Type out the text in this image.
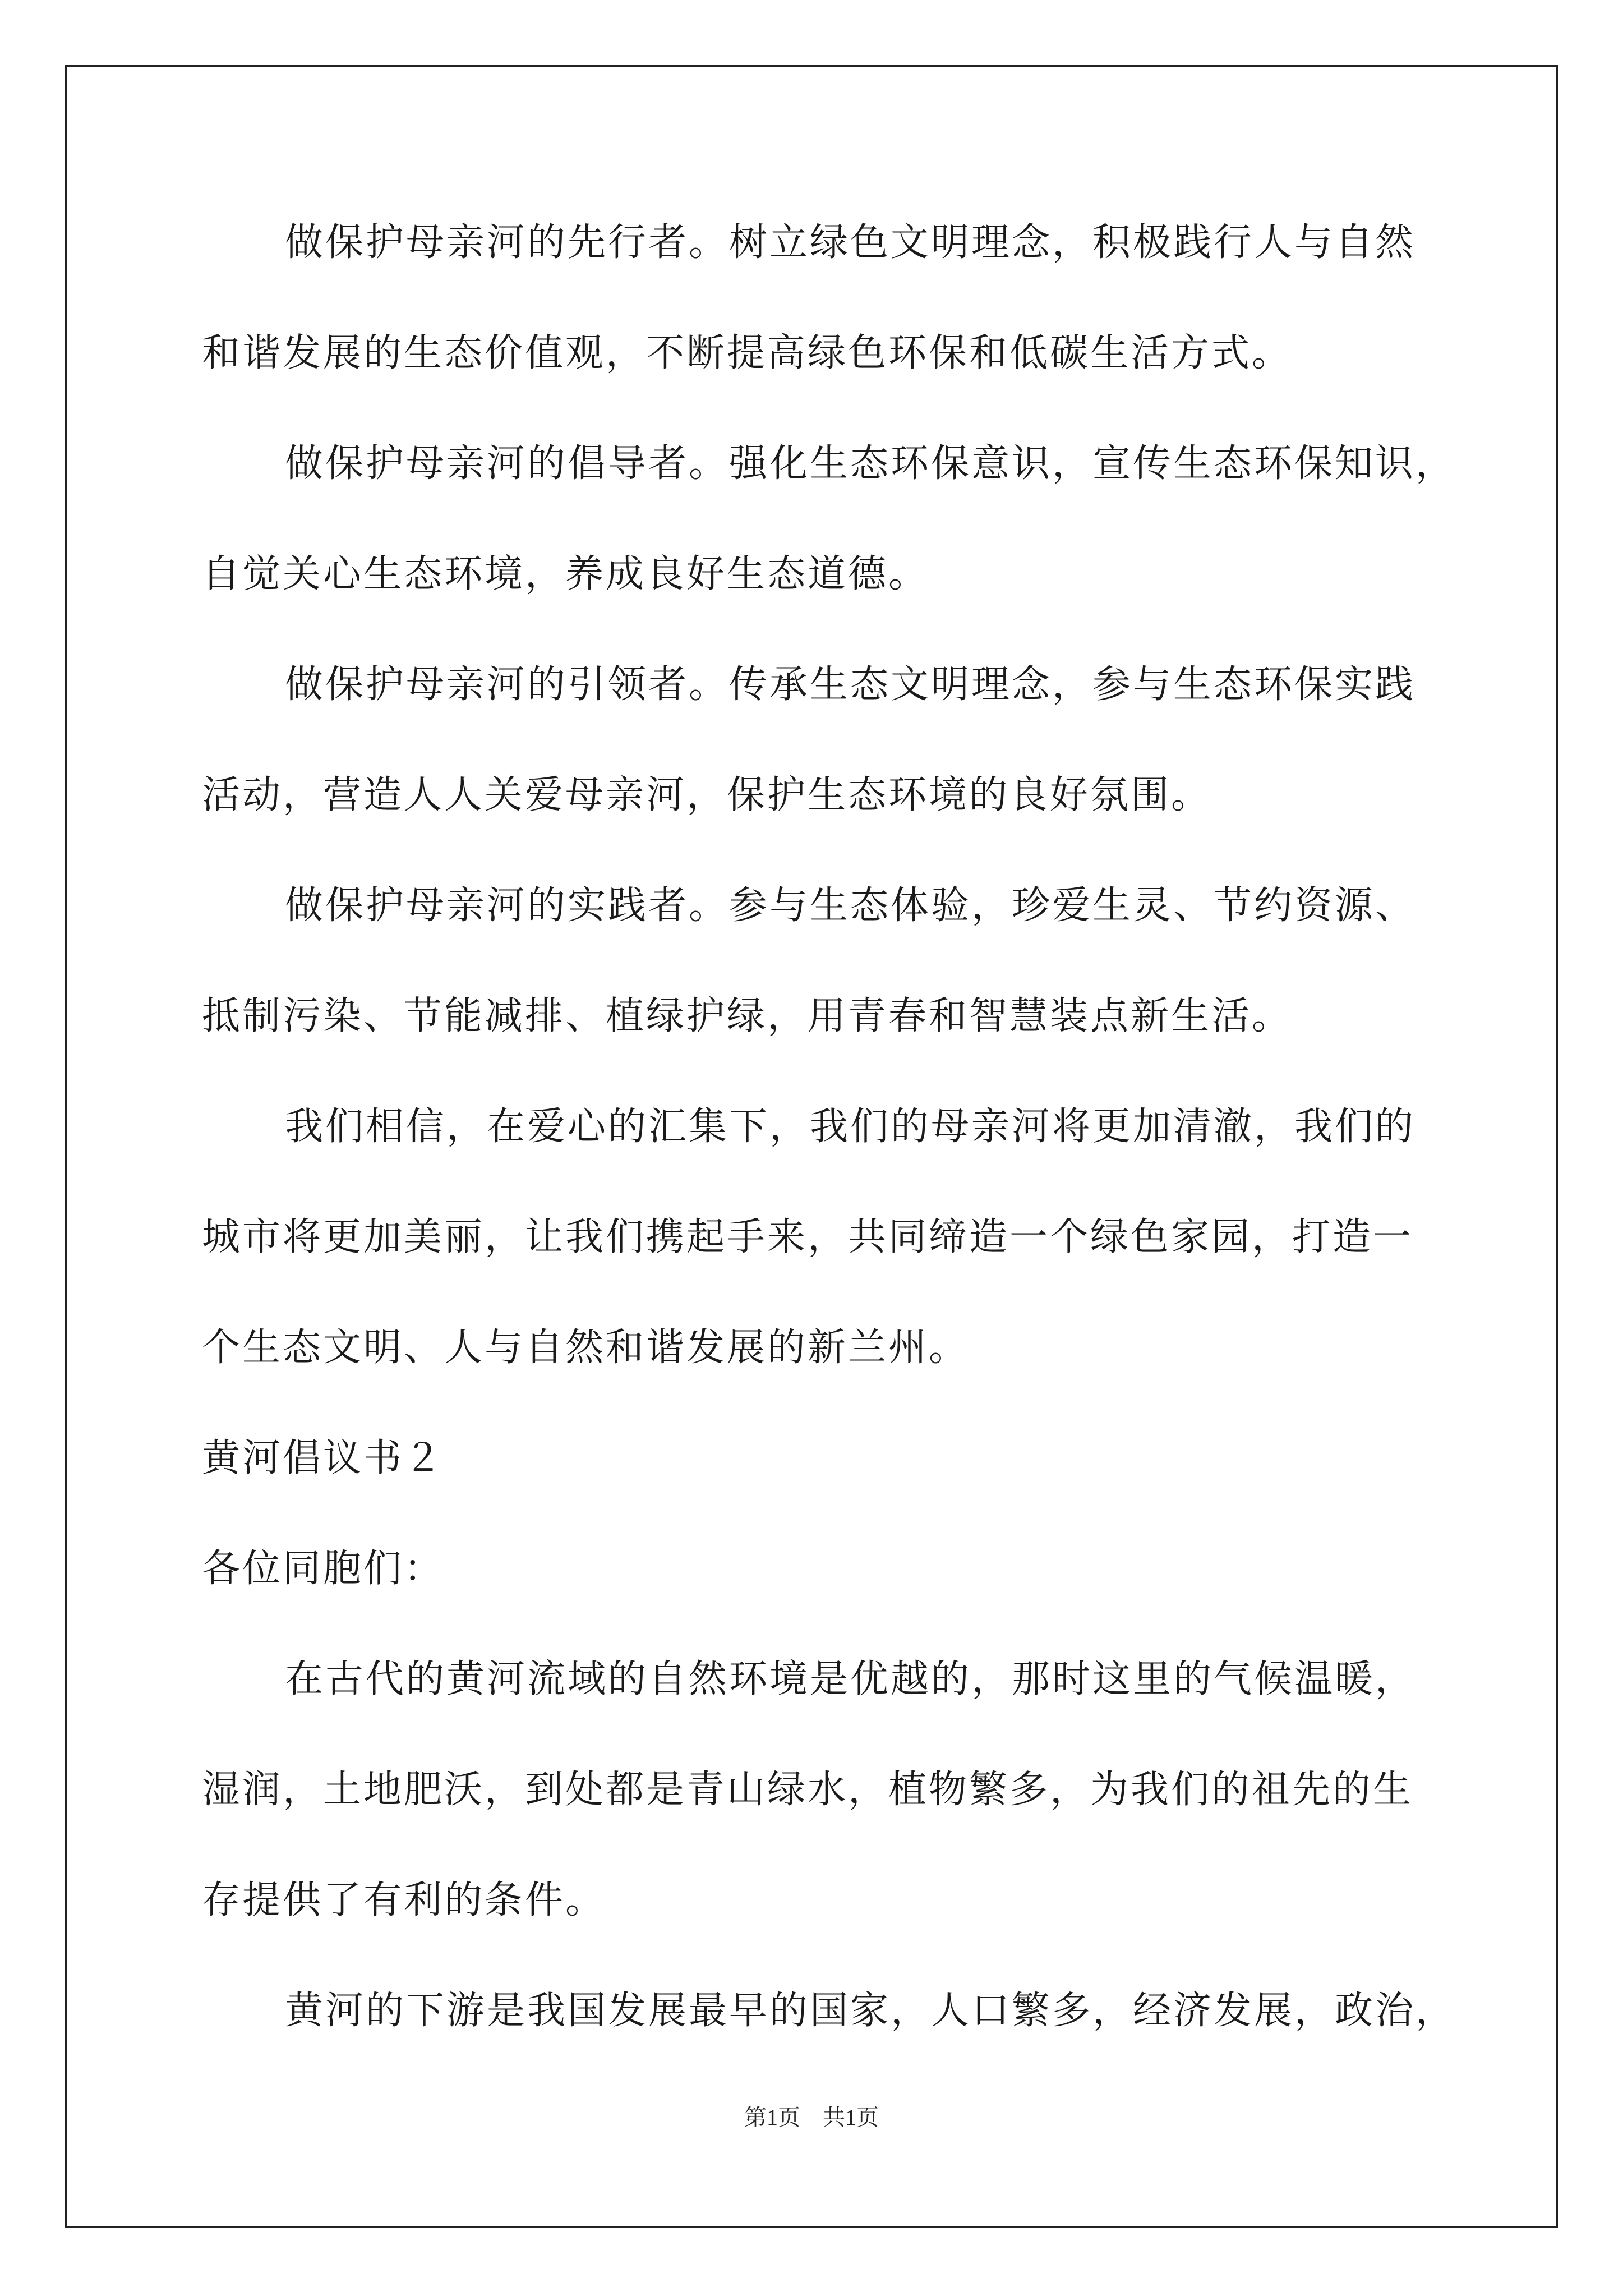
做保护母亲河的先行者。树立绿色文明理念，积极践行人与自然
和谐发展的生态价值观，不断提高绿色环保和低碳生活方式。
做保护母亲河的倡导者。强化生态环保意识，宣传生态环保知识，
自觉关心生态环境，养成良好生态道德。
做保护母亲河的引领者。传承生态文明理念，参与生态环保实践
活动，营造人人关爱母亲河，保护生态环境的良好氛围。
做保护母亲河的实践者。参与生态体验，珍爱生灵、节约资源、
抵制污染、节能减排、植绿护绿，用青春和智慧装点新生活。
我们相信，在爱心的汇集下，我们的母亲河将更加清澈，我们的
城市将更加美丽，让我们携起手来，共同缔造一个绿色家园，打造一
个生态文明、人与自然和谐发展的新兰州。
黄河倡议书２
各位同胞们：
在古代的黄河流域的自然环境是优越的，那时这里的气候温暖，
湿润，土地肥沃，到处都是青山绿水，植物繁多，为我们的祖先的生
存提供了有利的条件。
黄河的下游是我国发展最早的国家，人口繁多，经济发展，政治，
第1页　共1页
